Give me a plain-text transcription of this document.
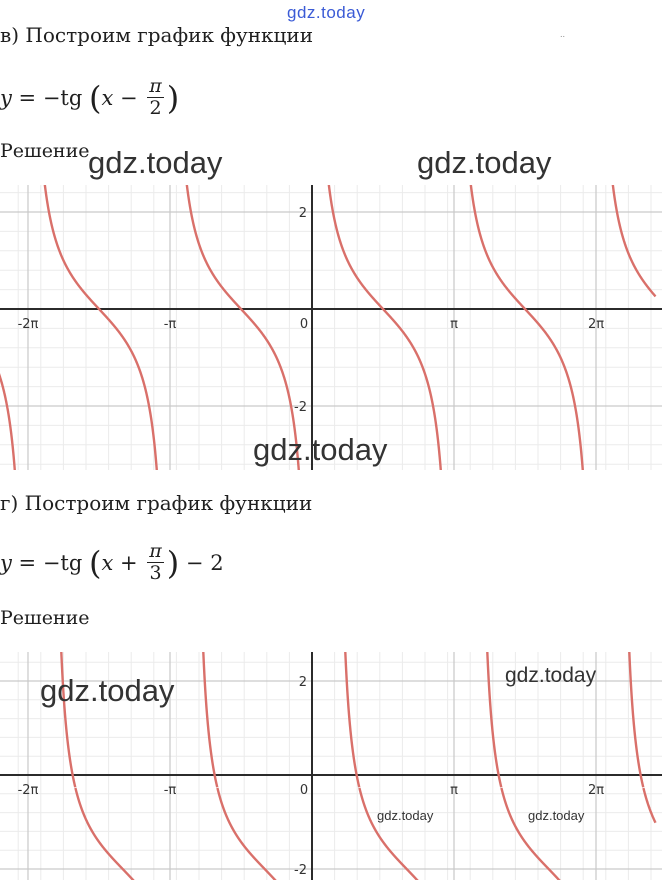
gdz.today
..
в) Построим график функции
y = −tg ( $x - \frac{\pi}{2}$ )
Решение
-2π	-π	0	π	2π
2
-2
gdz.today	gdz.today
gdz.today
г) Построим график функции
y = −tg ( $x + \frac{\pi}{3}$ ) − 2
Решение
-2π	-π	0	π	2π
2
-2
gdz.today	gdz.today
gdz.today	gdz.today
